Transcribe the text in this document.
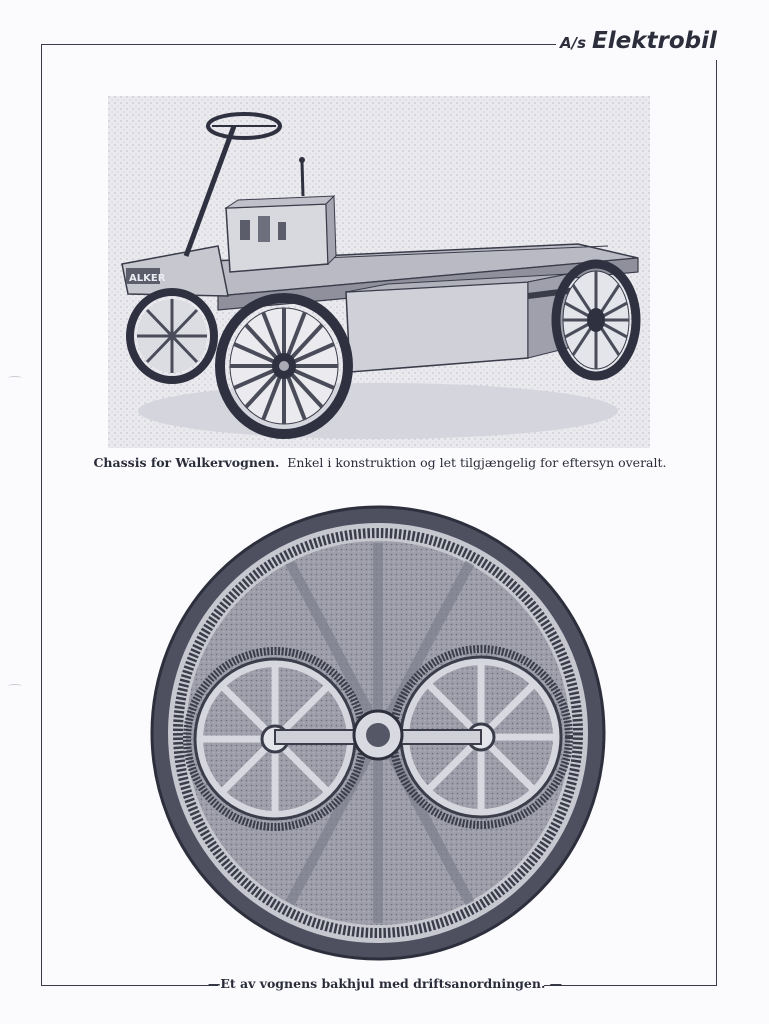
A/s Elektrobil
ALKER
Chassis for Walkervognen. Enkel i konstruktion og let tilgjængelig for eftersyn overalt.
—Et av vognens bakhjul med driftsanordningen. —
